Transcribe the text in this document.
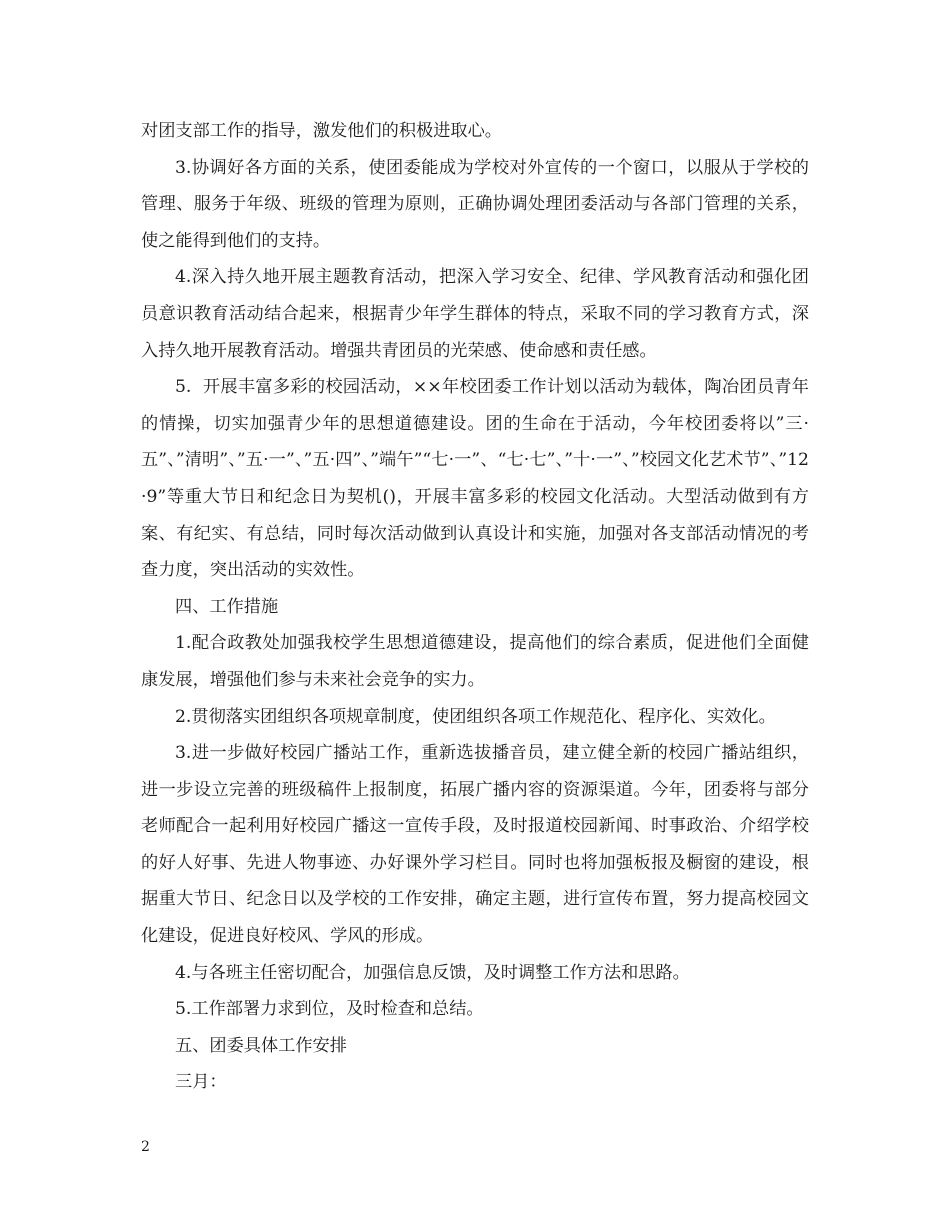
对团支部工作的指导，激发他们的积极进取心。

3.协调好各方面的关系，使团委能成为学校对外宣传的一个窗口，以服从于学校的管理、服务于年级、班级的管理为原则，正确协调处理团委活动与各部门管理的关系，使之能得到他们的支持。

4.深入持久地开展主题教育活动，把深入学习安全、纪律、学风教育活动和强化团员意识教育活动结合起来，根据青少年学生群体的特点，采取不同的学习教育方式，深入持久地开展教育活动。增强共青团员的光荣感、使命感和责任感。

5.  开展丰富多彩的校园活动，××年校团委工作计划以活动为载体，陶冶团员青年的情操，切实加强青少年的思想道德建设。团的生命在于活动，今年校团委将以”三·五”、”清明”、”五·一”、”五·四”、”端午”“七·一”、“七·七”、”十·一”、”校园文化艺术节”、”12·9”等重大节日和纪念日为契机()，开展丰富多彩的校园文化活动。大型活动做到有方案、有纪实、有总结，同时每次活动做到认真设计和实施，加强对各支部活动情况的考查力度，突出活动的实效性。

四、工作措施

1.配合政教处加强我校学生思想道德建设，提高他们的综合素质，促进他们全面健康发展，增强他们参与未来社会竞争的实力。

2.贯彻落实团组织各项规章制度，使团组织各项工作规范化、程序化、实效化。

3.进一步做好校园广播站工作，重新选拔播音员，建立健全新的校园广播站组织，进一步设立完善的班级稿件上报制度，拓展广播内容的资源渠道。今年，团委将与部分老师配合一起利用好校园广播这一宣传手段，及时报道校园新闻、时事政治、介绍学校的好人好事、先进人物事迹、办好课外学习栏目。同时也将加强板报及橱窗的建设，根据重大节日、纪念日以及学校的工作安排，确定主题，进行宣传布置，努力提高校园文化建设，促进良好校风、学风的形成。

4.与各班主任密切配合，加强信息反馈，及时调整工作方法和思路。

5.工作部署力求到位，及时检查和总结。

五、团委具体工作安排

三月：

2
